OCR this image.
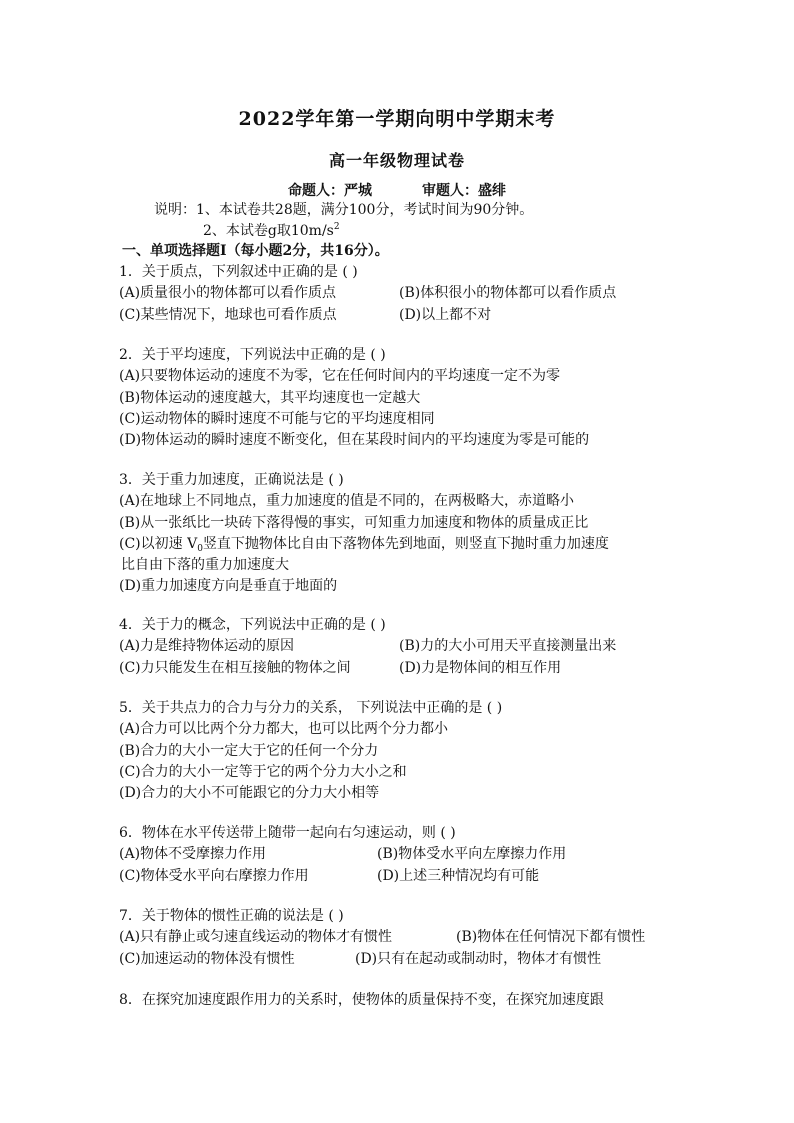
2022学年第一学期向明中学期末考
高一年级物理试卷
命题人：严城	审题人：盛绯
说明：1、本试卷共28题，满分100分，考试时间为90分钟。
2、本试卷g取$10m/s^2$
一、单项选择题Ⅰ（每小题2分，共16分）。
1．关于质点，下列叙述中正确的是 ( )
(A)质量很小的物体都可以看作质点	(B)体积很小的物体都可以看作质点
(C)某些情况下，地球也可看作质点	(D)以上都不对
2．关于平均速度，下列说法中正确的是 ( )
(A)只要物体运动的速度不为零，它在任何时间内的平均速度一定不为零
(B)物体运动的速度越大，其平均速度也一定越大
(C)运动物体的瞬时速度不可能与它的平均速度相同
(D)物体运动的瞬时速度不断变化，但在某段时间内的平均速度为零是可能的
3．关于重力加速度，正确说法是 ( )
(A)在地球上不同地点，重力加速度的值是不同的，在两极略大，赤道略小
(B)从一张纸比一块砖下落得慢的事实，可知重力加速度和物体的质量成正比
(C)以初速 $V_0$竖直下抛物体比自由下落物体先到地面，则竖直下抛时重力加速度
比自由下落的重力加速度大
(D)重力加速度方向是垂直于地面的
4．关于力的概念，下列说法中正确的是 ( )
(A)力是维持物体运动的原因	(B)力的大小可用天平直接测量出来
(C)力只能发生在相互接触的物体之间	(D)力是物体间的相互作用
5．关于共点力的合力与分力的关系， 下列说法中正确的是 ( )
(A)合力可以比两个分力都大，也可以比两个分力都小
(B)合力的大小一定大于它的任何一个分力
(C)合力的大小一定等于它的两个分力大小之和
(D)合力的大小不可能跟它的分力大小相等
6．物体在水平传送带上随带一起向右匀速运动，则 ( )
(A)物体不受摩擦力作用	(B)物体受水平向左摩擦力作用
(C)物体受水平向右摩擦力作用	(D)上述三种情况均有可能
7．关于物体的惯性正确的说法是 ( )
(A)只有静止或匀速直线运动的物体才有惯性	(B)物体在任何情况下都有惯性
(C)加速运动的物体没有惯性	(D)只有在起动或制动时，物体才有惯性
8．在探究加速度跟作用力的关系时，使物体的质量保持不变，在探究加速度跟
